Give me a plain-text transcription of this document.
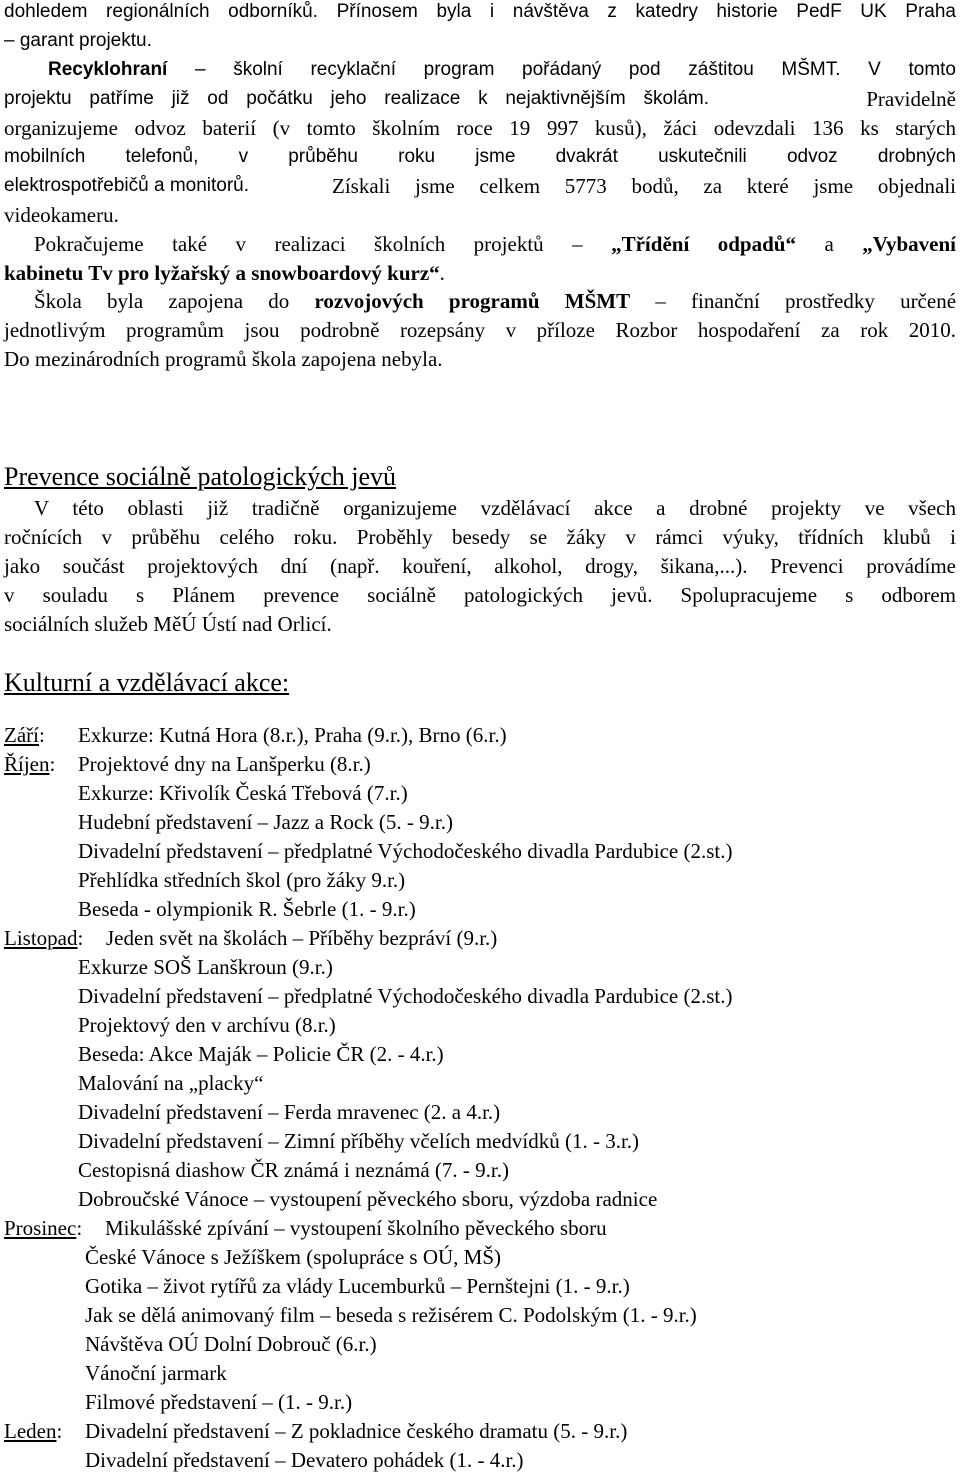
dohledem regionálních odborníků. Přínosem byla i návštěva z katedry historie PedF UK Praha
– garant projektu.
Recyklohraní – školní recyklační program pořádaný pod záštitou MŠMT. V tomto
projektu patříme již od počátku jeho realizace k nejaktivnějším školám.	Pravidelně
organizujeme odvoz baterií (v tomto školním roce 19 997 kusů), žáci odevzdali 136 ks starých
mobilních telefonů, v průběhu roku jsme dvakrát uskutečnili odvoz drobných
elektrospotřebičů a monitorů.	Získali jsme celkem 5773 bodů, za které jsme objednali
videokameru.
Pokračujeme také v realizaci školních projektů – „Třídění odpadů“ a „Vybavení
kabinetu Tv pro lyžařský a snowboardový kurz“.
Škola byla zapojena do rozvojových programů MŠMT – finanční prostředky určené
jednotlivým programům jsou podrobně rozepsány v příloze Rozbor hospodaření za rok 2010.
Do mezinárodních programů škola zapojena nebyla.
Prevence sociálně patologických jevů
V této oblasti již tradičně organizujeme vzdělávací akce a drobné projekty ve všech
ročnících v průběhu celého roku. Proběhly besedy se žáky v rámci výuky, třídních klubů i
jako součást projektových dní (např. kouření, alkohol, drogy, šikana,...). Prevenci provádíme
v souladu s Plánem prevence sociálně patologických jevů. Spolupracujeme s odborem
sociálních služeb MěÚ Ústí nad Orlicí.
Kulturní a vzdělávací akce:
Září: Exkurze: Kutná Hora (8.r.), Praha (9.r.), Brno (6.r.)
Říjen: Projektové dny na Lanšperku (8.r.)
Exkurze: Křivolík Česká Třebová (7.r.)
Hudební představení – Jazz a Rock (5. - 9.r.)
Divadelní představení – předplatné Východočeského divadla Pardubice (2.st.)
Přehlídka středních škol (pro žáky 9.r.)
Beseda - olympionik R. Šebrle (1. - 9.r.)
Listopad: Jeden svět na školách – Příběhy bezpráví (9.r.)
Exkurze SOŠ Lanškroun (9.r.)
Divadelní představení – předplatné Východočeského divadla Pardubice (2.st.)
Projektový den v archívu (8.r.)
Beseda: Akce Maják – Policie ČR (2. - 4.r.)
Malování na „placky“
Divadelní představení – Ferda mravenec (2. a 4.r.)
Divadelní představení – Zimní příběhy včelích medvídků (1. - 3.r.)
Cestopisná diashow ČR známá i neznámá (7. - 9.r.)
Dobroučské Vánoce – vystoupení pěveckého sboru, výzdoba radnice
Prosinec: Mikulášské zpívání – vystoupení školního pěveckého sboru
České Vánoce s Ježíškem (spolupráce s OÚ, MŠ)
Gotika – život rytířů za vlády Lucemburků – Pernštejni (1. - 9.r.)
Jak se dělá animovaný film – beseda s režisérem C. Podolským (1. - 9.r.)
Návštěva OÚ Dolní Dobrouč (6.r.)
Vánoční jarmark
Filmové představení – (1. - 9.r.)
Leden: Divadelní představení – Z pokladnice českého dramatu (5. - 9.r.)
Divadelní představení – Devatero pohádek (1. - 4.r.)
